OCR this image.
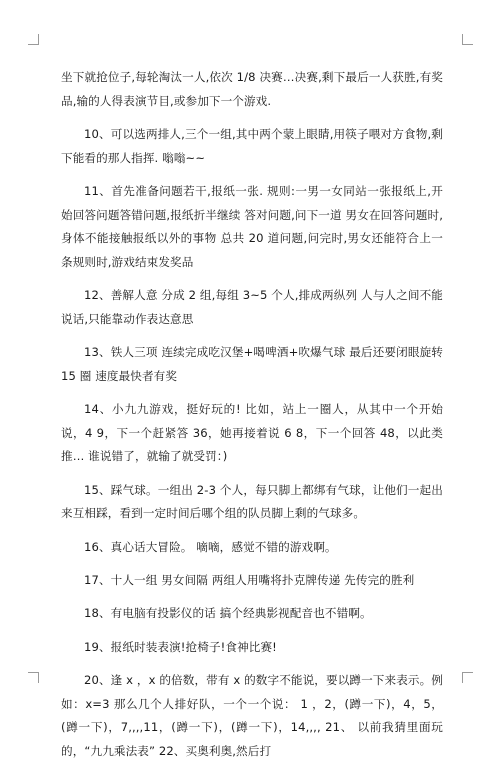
坐下就抢位子,每轮淘汰一人,依次 1/8 决赛…决赛,剩下最后一人获胜,有奖品,输的人得表演节目,或参加下一个游戏.

10、可以选两排人,三个一组,其中两个蒙上眼睛,用筷子喂对方食物,剩下能看的那人指挥. 嗡嗡~~

11、首先准备问题若干,报纸一张. 规则:一男一女同站一张报纸上,开始回答问题答错问题,报纸折半继续 答对问题,问下一道 男女在回答问题时,身体不能接触报纸以外的事物 总共 20 道问题,问完时,男女还能符合上一条规则时,游戏结束发奖品

12、善解人意 分成 2 组,每组 3~5 个人,排成两纵列 人与人之间不能说话,只能靠动作表达意思

13、铁人三项 连续完成吃汉堡+喝啤酒+吹爆气球 最后还要闭眼旋转 15 圈 速度最快者有奖

14、小九九游戏，挺好玩的! 比如，站上一圈人，从其中一个开始说，4 9，下一个赶紧答 36，她再接着说 6 8，下一个回答 48，以此类推… 谁说错了，就输了就受罚：)

15、踩气球。一组出 2-3 个人，每只脚上都绑有气球，让他们一起出来互相踩，看到一定时间后哪个组的队员脚上剩的气球多。

16、真心话大冒险。 嘀嘀，感觉不错的游戏啊。

17、十人一组 男女间隔 两组人用嘴将扑克牌传递 先传完的胜利

18、有电脑有投影仪的话 搞个经典影视配音也不错啊。

19、报纸时装表演!抢椅子!食神比赛!

20、逢 x ，x 的倍数，带有 x 的数字不能说，要以蹲一下来表示。例如：x=3 那么几个人排好队，一个一个说： 1 ，2，(蹲一下)，4，5，(蹲一下)，7,,,,11，(蹲一下)，(蹲一下)，14,,,, 21、 以前我猜里面玩的，“九九乘法表” 22、买奥利奥,然后打
